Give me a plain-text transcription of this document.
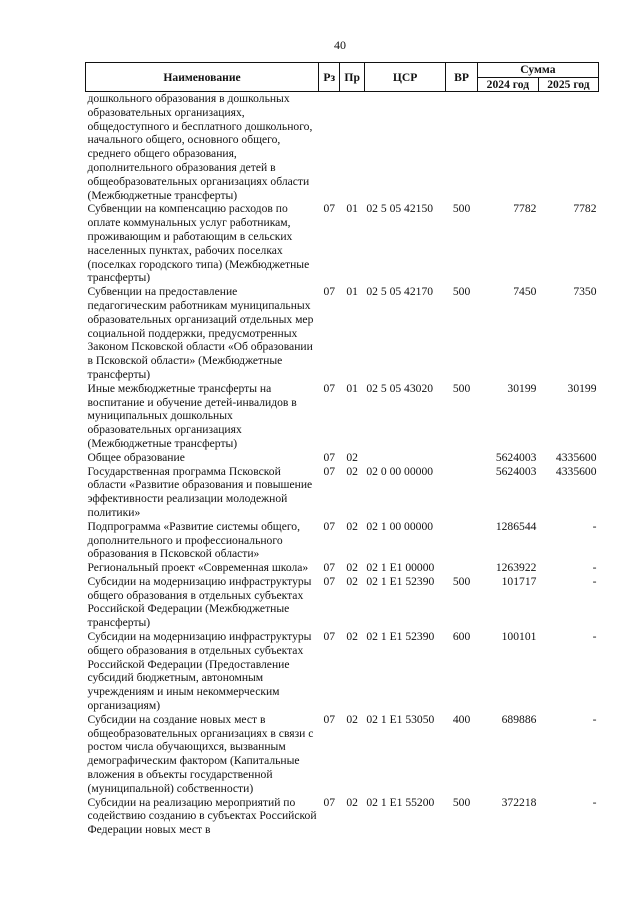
40
Наименование	Рз	Пр	ЦСР	ВР	Сумма	
					2024 год	2025 год
дошкольного образования в дошкольных образовательных организациях, общедоступного и бесплатного дошкольного, начального общего, основного общего, среднего общего образования, дополнительного образования детей в общеобразовательных организациях области (Межбюджетные трансферты)						
Субвенции на компенсацию расходов по оплате коммунальных услуг работникам, проживающим и работающим в сельских населенных пунктах, рабочих поселках (поселках городского типа) (Межбюджетные трансферты)	07	01	02 5 05 42150	500	7782	7782
Субвенции на предоставление педагогическим работникам муниципальных образовательных организаций отдельных мер социальной поддержки, предусмотренных Законом Псковской области «Об образовании в Псковской области» (Межбюджетные трансферты)	07	01	02 5 05 42170	500	7450	7350
Иные межбюджетные трансферты на воспитание и обучение детей-инвалидов в муниципальных дошкольных образовательных организациях (Межбюджетные трансферты)	07	01	02 5 05 43020	500	30199	30199
Общее образование	07	02			5624003	4335600
Государственная программа Псковской области «Развитие образования и повышение эффективности реализации молодежной политики»	07	02	02 0 00 00000		5624003	4335600
Подпрограмма «Развитие системы общего, дополнительного и профессионального образования в Псковской области»	07	02	02 1 00 00000		1286544	-
Региональный проект «Современная школа»	07	02	02 1 E1 00000		1263922	-
Субсидии на модернизацию инфраструктуры общего образования в отдельных субъектах Российской Федерации (Межбюджетные трансферты)	07	02	02 1 E1 52390	500	101717	-
Субсидии на модернизацию инфраструктуры общего образования в отдельных субъектах Российской Федерации (Предоставление субсидий бюджетным, автономным учреждениям и иным некоммерческим организациям)	07	02	02 1 E1 52390	600	100101	-
Субсидии на создание новых мест в общеобразовательных организациях в связи с ростом числа обучающихся, вызванным демографическим фактором (Капитальные вложения в объекты государственной (муниципальной) собственности)	07	02	02 1 E1 53050	400	689886	-
Субсидии на реализацию мероприятий по содействию созданию в субъектах Российской Федерации новых мест в	07	02	02 1 E1 55200	500	372218	-
